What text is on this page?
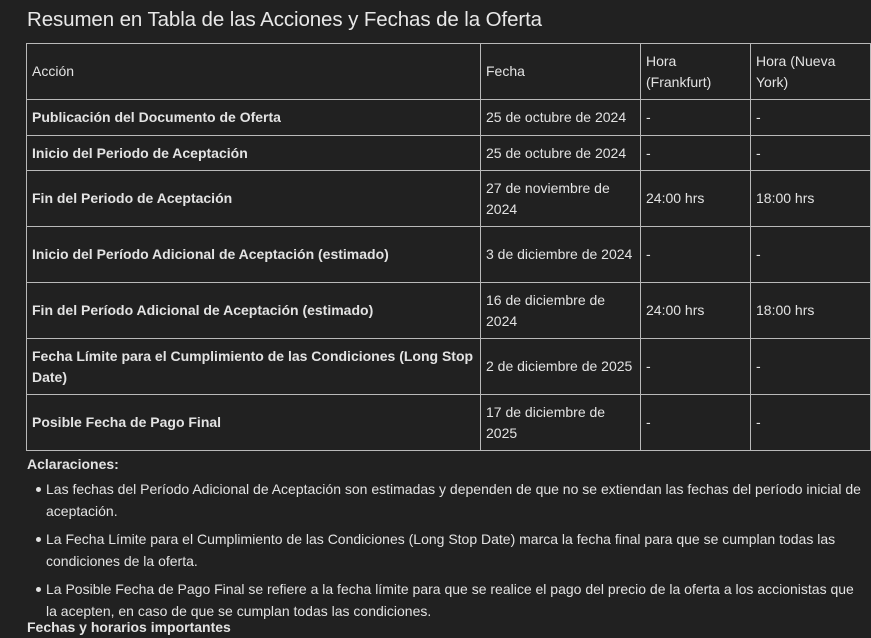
Resumen en Tabla de las Acciones y Fechas de la Oferta
Acción	Fecha	Hora (Frankfurt)	Hora (Nueva York)
Publicación del Documento de Oferta	25 de octubre de 2024	-	-
Inicio del Periodo de Aceptación	25 de octubre de 2024	-	-
Fin del Periodo de Aceptación	27 de noviembre de 2024	24:00 hrs	18:00 hrs
Inicio del Período Adicional de Aceptación (estimado)	3 de diciembre de 2024	-	-
Fin del Período Adicional de Aceptación (estimado)	16 de diciembre de 2024	24:00 hrs	18:00 hrs
Fecha Límite para el Cumplimiento de las Condiciones (Long Stop Date)	2 de diciembre de 2025	-	-
Posible Fecha de Pago Final	17 de diciembre de 2025	-	-
Aclaraciones:
Las fechas del Período Adicional de Aceptación son estimadas y dependen de que no se extiendan las fechas del período inicial de aceptación.
La Fecha Límite para el Cumplimiento de las Condiciones (Long Stop Date) marca la fecha final para que se cumplan todas las condiciones de la oferta.
La Posible Fecha de Pago Final se refiere a la fecha límite para que se realice el pago del precio de la oferta a los accionistas que la acepten, en caso de que se cumplan todas las condiciones.
Fechas y horarios importantes
